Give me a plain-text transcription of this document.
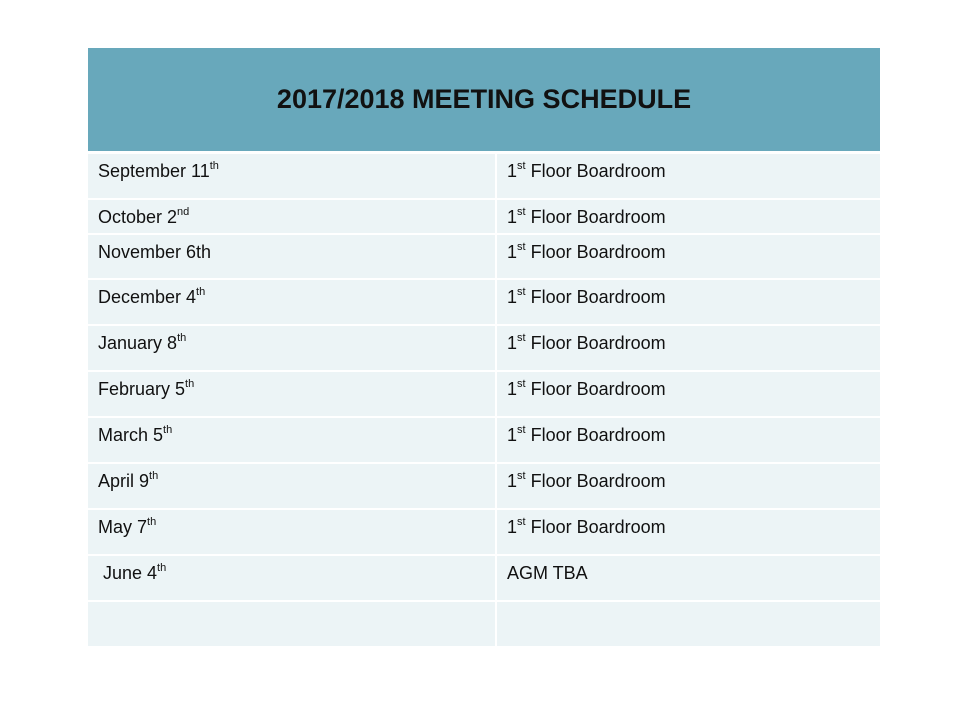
2017/2018 MEETING SCHEDULE	
September 11th	1st Floor Boardroom
October 2nd	1st Floor Boardroom
November 6th	1st Floor Boardroom
December 4th	1st Floor Boardroom
January 8th	1st Floor Boardroom
February 5th	1st Floor Boardroom
March 5th	1st Floor Boardroom
April 9th	1st Floor Boardroom
May 7th	1st Floor Boardroom
June 4th	AGM TBA
